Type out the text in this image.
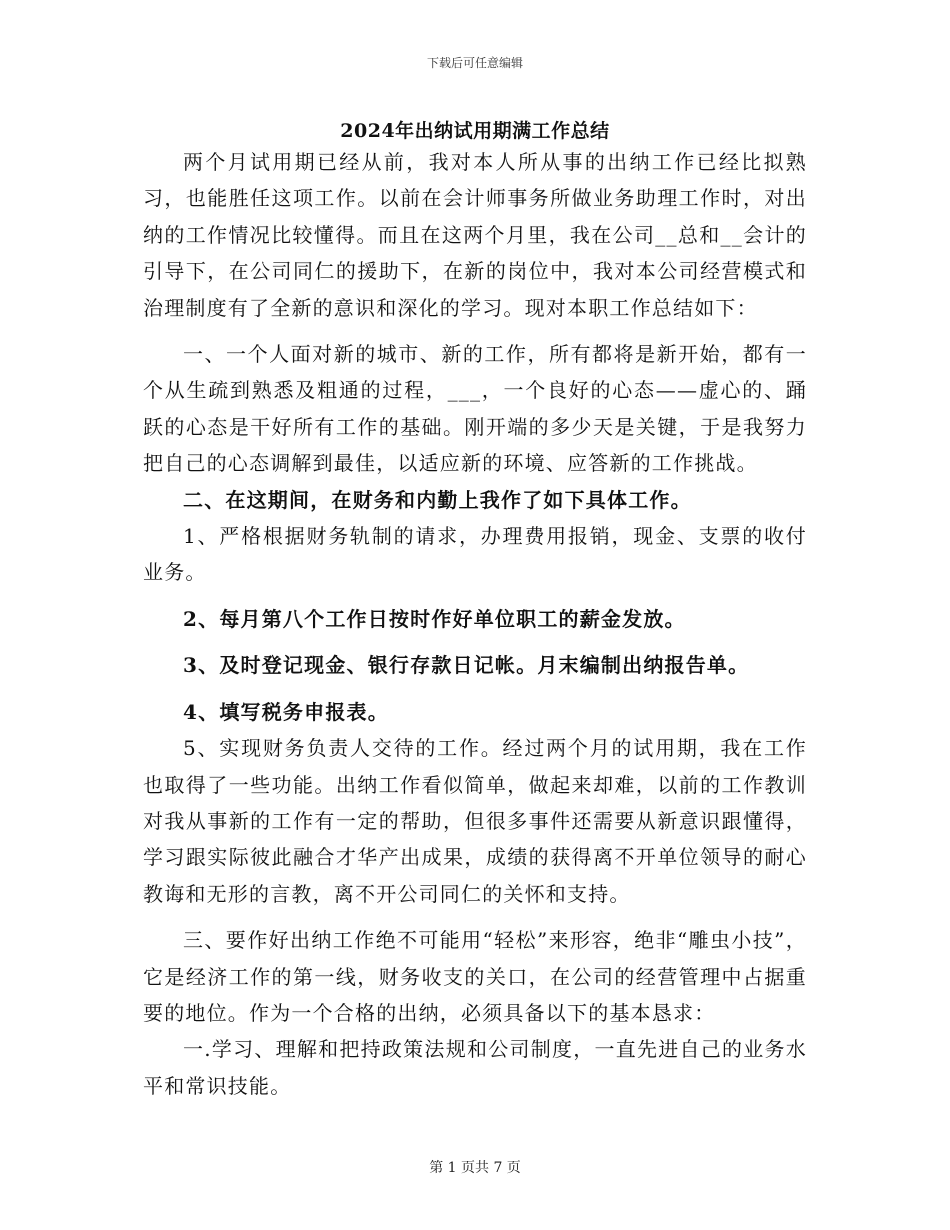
下载后可任意编辑
2024年出纳试用期满工作总结

两个月试用期已经从前，我对本人所从事的出纳工作已经比拟熟习，也能胜任这项工作。以前在会计师事务所做业务助理工作时，对出纳的工作情况比较懂得。而且在这两个月里，我在公司__总和__会计的引导下，在公司同仁的援助下，在新的岗位中，我对本公司经营模式和治理制度有了全新的意识和深化的学习。现对本职工作总结如下：

一、一个人面对新的城市、新的工作，所有都将是新开始，都有一个从生疏到熟悉及粗通的过程，___，一个良好的心态——虚心的、踊跃的心态是干好所有工作的基础。刚开端的多少天是关键，于是我努力把自己的心态调解到最佳，以适应新的环境、应答新的工作挑战。

二、在这期间，在财务和内勤上我作了如下具体工作。

1、严格根据财务轨制的请求，办理费用报销，现金、支票的收付业务。

2、每月第八个工作日按时作好单位职工的薪金发放。

3、及时登记现金、银行存款日记帐。月末编制出纳报告单。

4、填写税务申报表。

5、实现财务负责人交待的工作。经过两个月的试用期，我在工作也取得了一些功能。出纳工作看似简单，做起来却难，以前的工作教训对我从事新的工作有一定的帮助，但很多事件还需要从新意识跟懂得，学习跟实际彼此融合才华产出成果，成绩的获得离不开单位领导的耐心教诲和无形的言教，离不开公司同仁的关怀和支持。

三、要作好出纳工作绝不可能用“轻松”来形容，绝非“雕虫小技”，它是经济工作的第一线，财务收支的关口，在公司的经营管理中占据重要的地位。作为一个合格的出纳，必须具备以下的基本恳求：

一.学习、理解和把持政策法规和公司制度，一直先进自己的业务水平和常识技能。

第 1 页共 7 页
